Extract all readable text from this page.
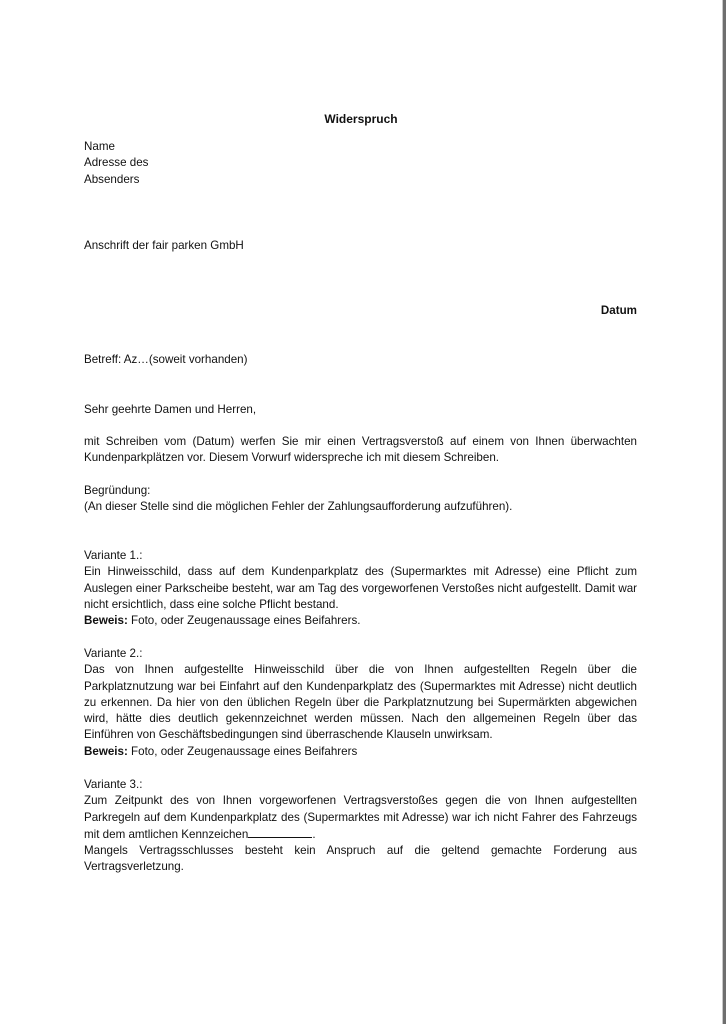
Widerspruch

Name

Adresse des

Absenders

Anschrift der fair parken GmbH
Datum
Betreff: Az…(soweit vorhanden)
Sehr geehrte Damen und Herren,
mit Schreiben vom (Datum) werfen Sie mir einen Vertragsverstoß auf einem von Ihnen überwachten Kundenparkplätzen vor. Diesem Vorwurf widerspreche ich mit diesem Schreiben.

Begründung:

(An dieser Stelle sind die möglichen Fehler der Zahlungsaufforderung aufzuführen).

Variante 1.:

Ein Hinweisschild, dass auf dem Kundenparkplatz des (Supermarktes mit Adresse) eine Pflicht zum Auslegen einer Parkscheibe besteht, war am Tag des vorgeworfenen Verstoßes nicht aufgestellt. Damit war nicht ersichtlich, dass eine solche Pflicht bestand.

Beweis: Foto, oder Zeugenaussage eines Beifahrers.

Variante 2.:

Das von Ihnen aufgestellte Hinweisschild über die von Ihnen aufgestellten Regeln über die Parkplatznutzung war bei Einfahrt auf den Kundenparkplatz des (Supermarktes mit Adresse) nicht deutlich zu erkennen. Da hier von den üblichen Regeln über die Parkplatznutzung bei Supermärkten abgewichen wird, hätte dies deutlich gekennzeichnet werden müssen. Nach den allgemeinen Regeln über das Einführen von Geschäftsbedingungen sind überraschende Klauseln unwirksam.

Beweis: Foto, oder Zeugenaussage eines Beifahrers

Variante 3.:

Zum Zeitpunkt des von Ihnen vorgeworfenen Vertragsverstoßes gegen die von Ihnen aufgestellten Parkregeln auf dem Kundenparkplatz des (Supermarktes mit Adresse) war ich nicht Fahrer des Fahrzeugs mit dem amtlichen Kennzeichen	.

Mangels Vertragsschlusses besteht kein Anspruch auf die geltend gemachte Forderung aus Vertragsverletzung.
